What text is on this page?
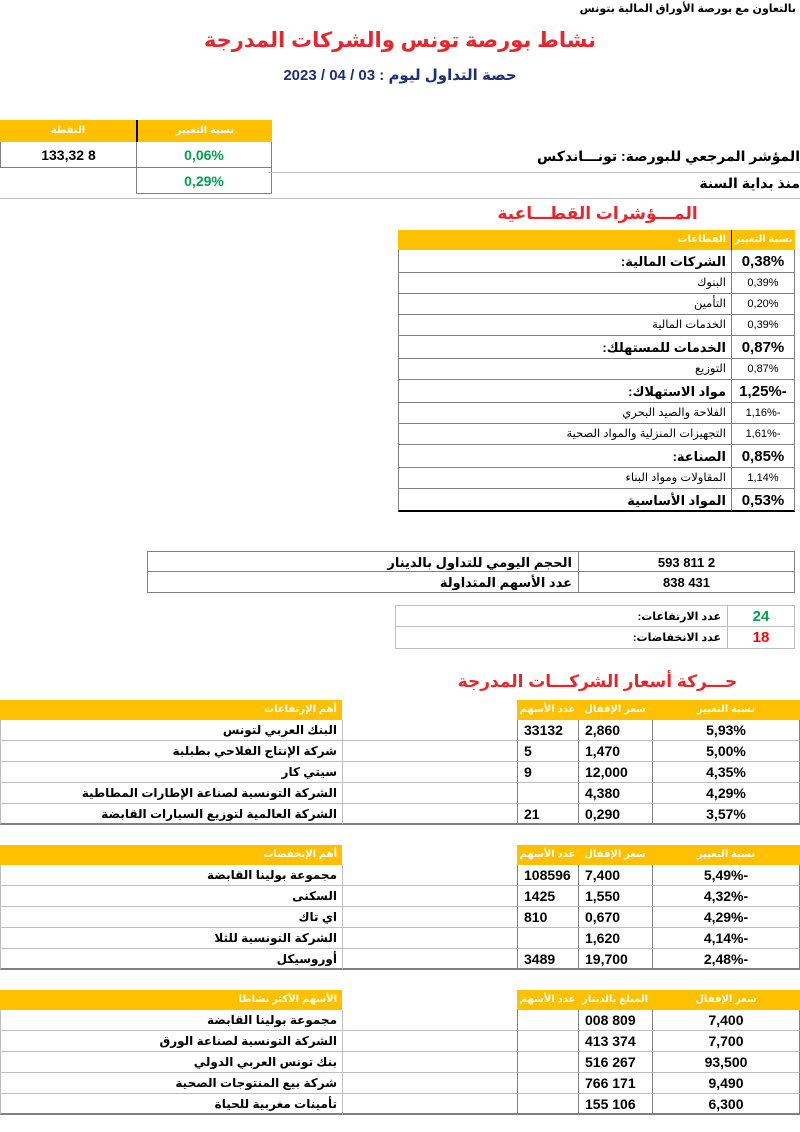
بالتعاون مع بورصة الأوراق المالية بتونس
نشاط بورصة تونس والشركات المدرجة
حصة التداول ليوم : 03 / 04 / 2023
نسبة التغيير
النقطة
0,06%
8 133,32
0,29%
المؤشر المرجعي للبورصة: تونـــاندكس
منذ بداية السنة
المـــؤشرات القطـــاعية
نسبة التغيير
القطاعات
0,38%
الشركات المالية:
0,39%
البنوك
0,20%
التأمين
0,39%
الخدمات المالية
0,87%
الخدمات للمستهلك:
0,87%
التوزيع
-1,25%
مواد الاستهلاك:
-1,16%
الفلاحة والصيد البحري
-1,61%
التجهيزات المنزلية والمواد الصحية
0,85%
الصناعة:
1,14%
المقاولات ومواد البناء
0,53%
المواد الأساسية
2 811 593
الحجم اليومي للتداول بالدينار
431 838
عدد الأسهم المتداولة
24
عدد الارتفاعات:
18
عدد الانخفاضات:
حـــركة أسعار الشركـــات المدرجة
نسبة التغيير
سعر الإقفال
عدد الأسهم
أهم الإرتفاعات
5,93%
2,860
33132
البنك العربي لتونس
5,00%
1,470
5
شركة الإنتاج الفلاحي بطبلبة
4,35%
12,000
9
سيتي كار
4,29%
4,380
الشركة التونسية لصناعة الإطارات المطاطية
3,57%
0,290
21
الشركة العالمية لتوزيع السيارات القابضة
نسبة التغيير
سعر الإقفال
عدد الأسهم
أهم الإنخفضات
-5,49%
7,400
108596
مجموعة بولينا القابضة
-4,32%
1,550
1425
السكنى
-4,29%
0,670
810
اي تاك
-4,14%
1,620
الشركة التونسية للثلا
-2,48%
19,700
3489
أوروسيكل
سعر الإقفال
المبلغ بالدينار
عدد الأسهم
الأسهم الأكثر نشاطا
7,400
809 008
مجموعة بولينا القابضة
7,700
374 413
الشركة التونسية لصناعة الورق
93,500
267 516
بنك تونس العربي الدولي
9,490
171 766
شركة بيع المنتوجات الصحية
6,300
106 155
تأمينات مغربية للحياة
